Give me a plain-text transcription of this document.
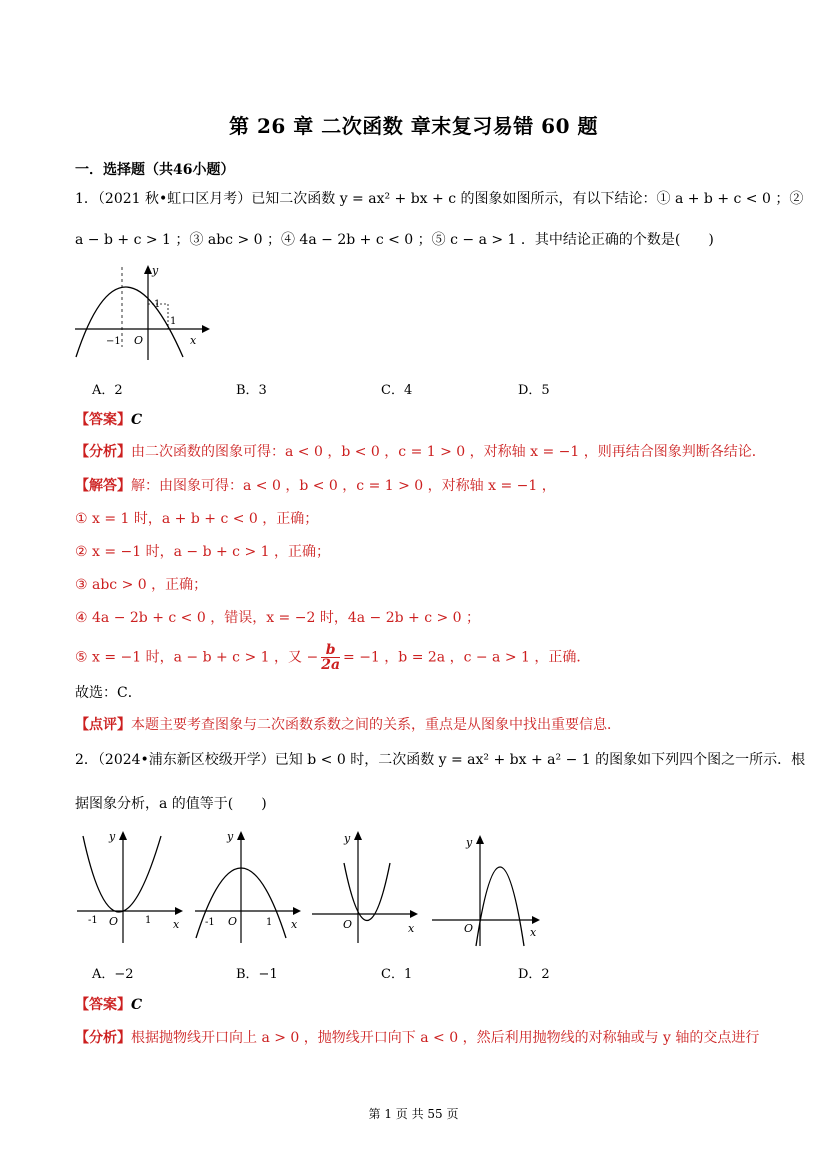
第 26 章 二次函数 章末复习易错 60 题
一．选择题（共46小题）
1．（2021 秋•虹口区月考）已知二次函数 y = ax² + bx + c 的图象如图所示，有以下结论：① a + b + c < 0 ；②
a − b + c > 1 ；③ abc > 0 ；④ 4a − 2b + c < 0 ；⑤ c − a > 1 ．其中结论正确的个数是(　　)
y
x
O
−1
1
1
A．2	B．3	C．4	D．5
【答案】C
【分析】由二次函数的图象可得：a < 0 ，b < 0 ，c = 1 > 0 ，对称轴 x = −1 ，则再结合图象判断各结论．
【解答】解：由图象可得：a < 0 ，b < 0 ，c = 1 > 0 ，对称轴 x = −1 ，
① x = 1 时，a + b + c < 0 ，正确；
② x = −1 时，a − b + c > 1 ，正确；
③ abc > 0 ，正确；
④ 4a − 2b + c < 0 ，错误，x = −2 时，4a − 2b + c > 0 ；
⑤ x = −1 时，a − b + c > 1 ，又 − $\frac{b}{2a} = -1$ ，b = 2a ，c − a > 1 ，正确．
故选：C．
【点评】本题主要考查图象与二次函数系数之间的关系，重点是从图象中找出重要信息．
2．（2024•浦东新区校级开学）已知 b < 0 时，二次函数 y = ax² + bx + a² − 1 的图象如下列四个图之一所示．根
据图象分析，a 的值等于(　　)
y
x
O
-1	1
y
x
O
-1	1
y
x
O
y
x
O
A．−2	B．−1	C．1	D．2
【答案】C
【分析】根据抛物线开口向上 a > 0 ，抛物线开口向下 a < 0 ，然后利用抛物线的对称轴或与 y 轴的交点进行
第 1 页 共 55 页
